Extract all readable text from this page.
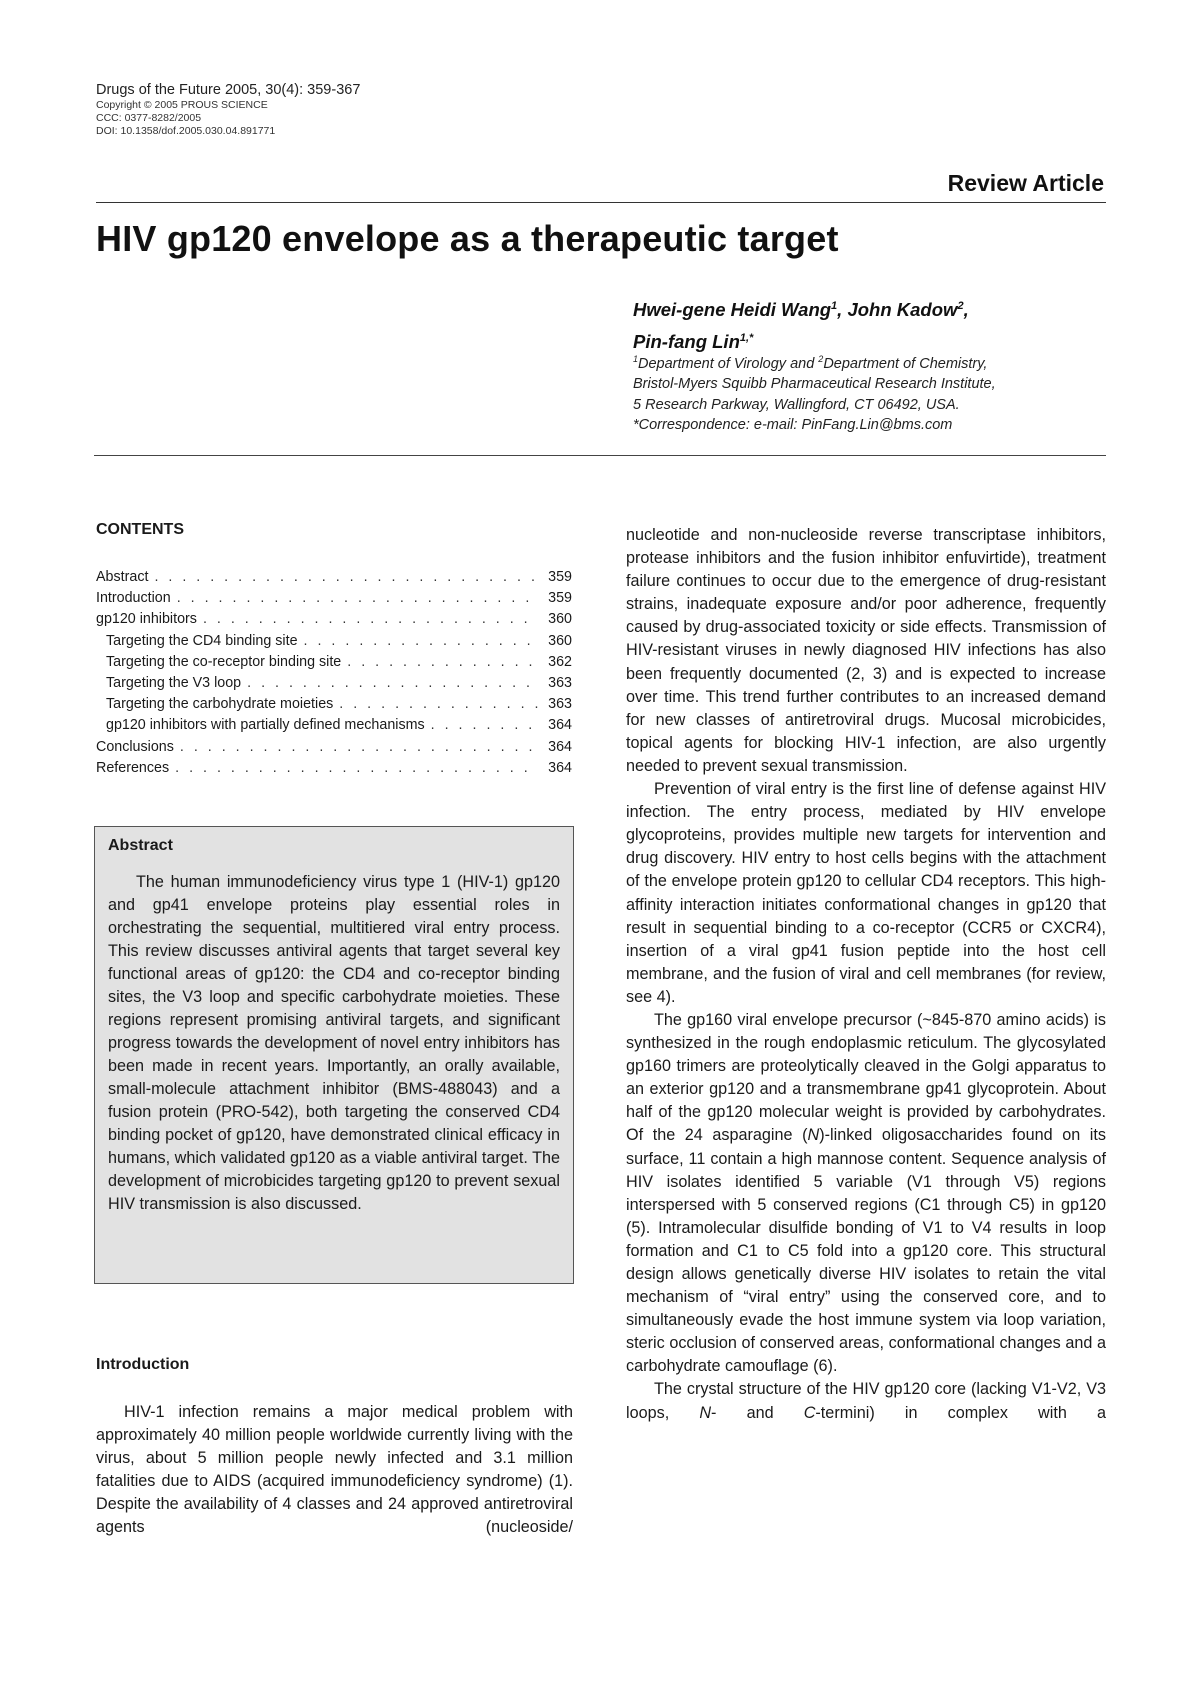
Drugs of the Future 2005, 30(4): 359-367
Copyright © 2005 PROUS SCIENCE
CCC: 0377-8282/2005
DOI: 10.1358/dof.2005.030.04.891771
Review Article
HIV gp120 envelope as a therapeutic target
Hwei-gene Heidi Wang$^1$, John Kadow$^2$,
Pin-fang Lin$^{1,*}$
$^1$Department of Virology and $^2$Department of Chemistry,
Bristol-Myers Squibb Pharmaceutical Research Institute,
5 Research Parkway, Wallingford, CT 06492, USA.
*Correspondence: e-mail: PinFang.Lin@bms.com
CONTENTS
Abstract . . .	359
Introduction . . .	359
gp120 inhibitors . . .	360
Targeting the CD4 binding site . . .	360
Targeting the co-receptor binding site . . .	362
Targeting the V3 loop . . .	363
Targeting the carbohydrate moieties . . .	363
gp120 inhibitors with partially defined mechanisms . . .	364
Conclusions . . .	364
References . . .	364
Abstract

The human immunodeficiency virus type 1 (HIV-1) gp120 and gp41 envelope proteins play essential roles in orchestrating the sequential, multitiered viral entry process. This review discusses antiviral agents that target several key functional areas of gp120: the CD4 and co-receptor binding sites, the V3 loop and specific carbohydrate moieties. These regions represent promising antiviral targets, and significant progress towards the development of novel entry inhibitors has been made in recent years. Importantly, an orally available, small-molecule attachment inhibitor (BMS-488043) and a fusion protein (PRO-542), both targeting the conserved CD4 binding pocket of gp120, have demonstrated clinical efficacy in humans, which validated gp120 as a viable antiviral target. The development of microbicides targeting gp120 to prevent sexual HIV transmission is also discussed.

Introduction

HIV-1 infection remains a major medical problem with approximately 40 million people worldwide currently living with the virus, about 5 million people newly infected and 3.1 million fatalities due to AIDS (acquired immunodeficiency syndrome) (1). Despite the availability of 4 classes and 24 approved antiretroviral agents (nucleoside/

nucleotide and non-nucleoside reverse transcriptase inhibitors, protease inhibitors and the fusion inhibitor enfuvirtide), treatment failure continues to occur due to the emergence of drug-resistant strains, inadequate exposure and/or poor adherence, frequently caused by drug-associated toxicity or side effects. Transmission of HIV-resistant viruses in newly diagnosed HIV infections has also been frequently documented (2, 3) and is expected to increase over time. This trend further contributes to an increased demand for new classes of antiretroviral drugs. Mucosal microbicides, topical agents for blocking HIV-1 infection, are also urgently needed to prevent sexual transmission.

Prevention of viral entry is the first line of defense against HIV infection. The entry process, mediated by HIV envelope glycoproteins, provides multiple new targets for intervention and drug discovery. HIV entry to host cells begins with the attachment of the envelope protein gp120 to cellular CD4 receptors. This high-affinity interaction initiates conformational changes in gp120 that result in sequential binding to a co-receptor (CCR5 or CXCR4), insertion of a viral gp41 fusion peptide into the host cell membrane, and the fusion of viral and cell membranes (for review, see 4).

The gp160 viral envelope precursor (~845-870 amino acids) is synthesized in the rough endoplasmic reticulum. The glycosylated gp160 trimers are proteolytically cleaved in the Golgi apparatus to an exterior gp120 and a transmembrane gp41 glycoprotein. About half of the gp120 molecular weight is provided by carbohydrates. Of the 24 asparagine (N)-linked oligosaccharides found on its surface, 11 contain a high mannose content. Sequence analysis of HIV isolates identified 5 variable (V1 through V5) regions interspersed with 5 conserved regions (C1 through C5) in gp120 (5). Intramolecular disulfide bonding of V1 to V4 results in loop formation and C1 to C5 fold into a gp120 core. This structural design allows genetically diverse HIV isolates to retain the vital mechanism of “viral entry” using the conserved core, and to simultaneously evade the host immune system via loop variation, steric occlusion of conserved areas, conformational changes and a carbohydrate camouflage (6).

The crystal structure of the HIV gp120 core (lacking V1-V2, V3 loops, N- and C-termini) in complex with a
